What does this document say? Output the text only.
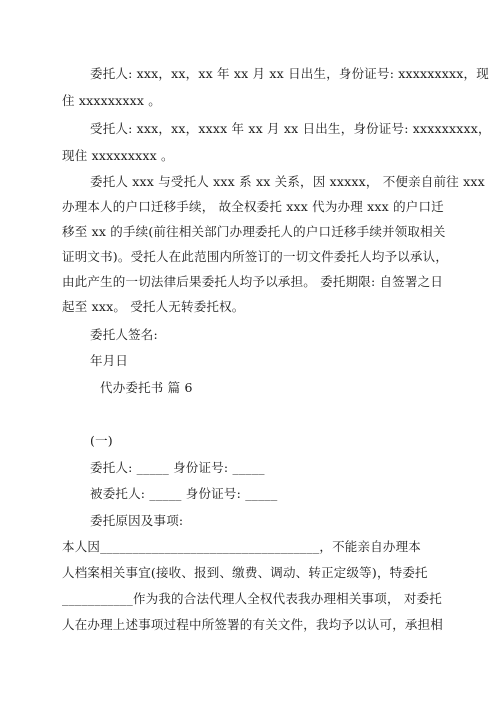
委托人: xxx，xx，xx 年 xx 月 xx 日出生，身份证号: xxxxxxxxx，现
住 xxxxxxxxx 。
受托人: xxx，xx，xxxx 年 xx 月 xx 日出生，身份证号: xxxxxxxxx，
现住 xxxxxxxxx 。
委托人 xxx 与受托人 xxx 系 xx 关系，因 xxxxx， 不便亲自前往 xxx
办理本人的户口迁移手续， 故全权委托 xxx 代为办理 xxx 的户口迁
移至 xx 的手续(前往相关部门办理委托人的户口迁移手续并领取相关
证明文书)。受托人在此范围内所签订的一切文件委托人均予以承认，
由此产生的一切法律后果委托人均予以承担。 委托期限: 自签署之日
起至 xxx。 受托人无转委托权。
委托人签名:
年月日
代办委托书 篇 6
(一)
委托人: _____ 身份证号: _____
被委托人: _____ 身份证号: _____
委托原因及事项:
本人因__________________________________，不能亲自办理本
人档案相关事宜(接收、报到、缴费、调动、转正定级等)，特委托
___________作为我的合法代理人全权代表我办理相关事项， 对委托
人在办理上述事项过程中所签署的有关文件，我均予以认可，承担相
